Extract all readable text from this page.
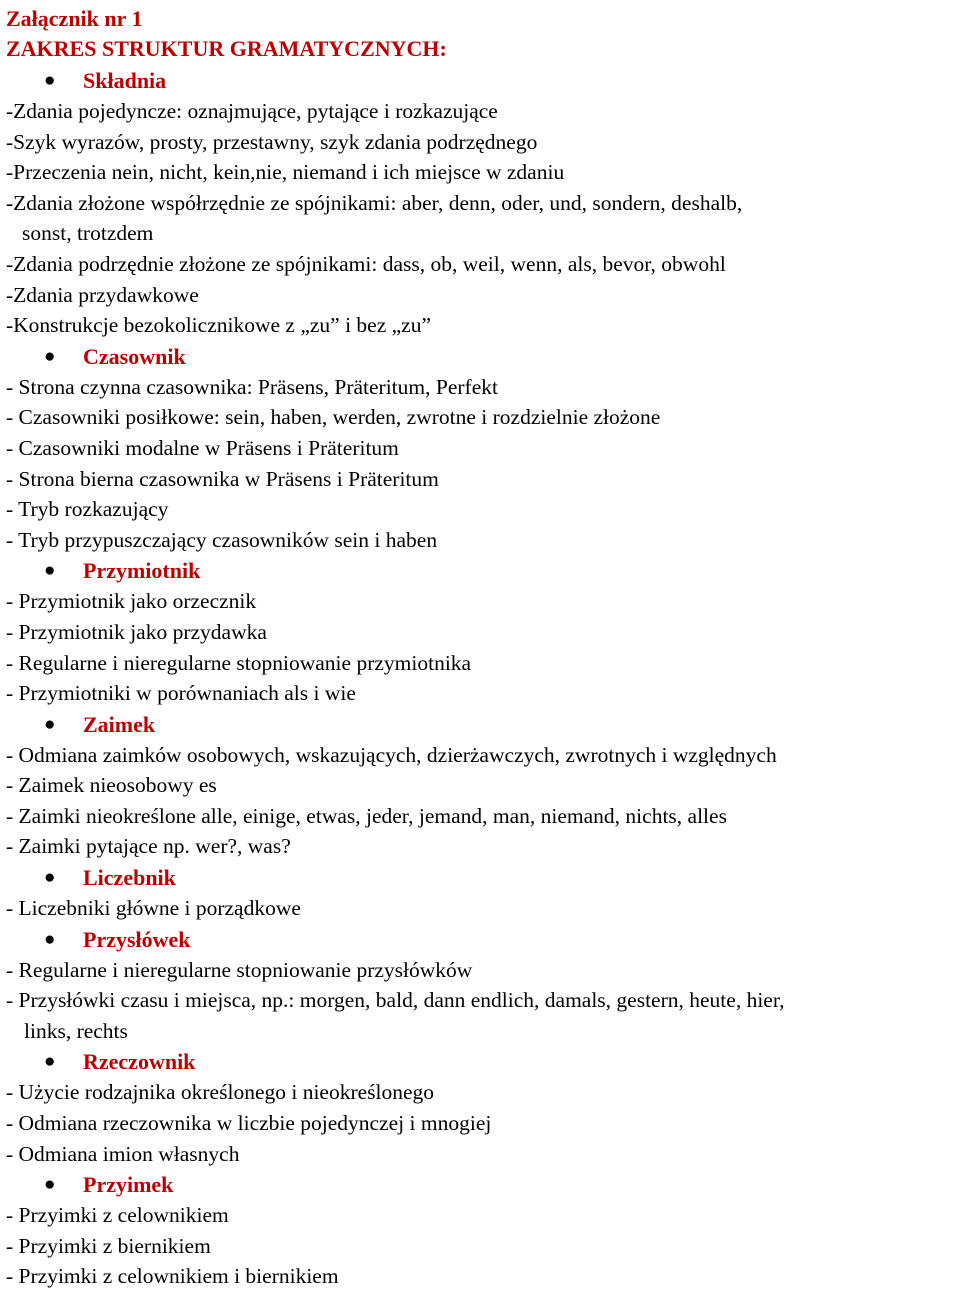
Załącznik nr 1
ZAKRES STRUKTUR GRAMATYCZNYCH:
● Składnia
-Zdania pojedyncze: oznajmujące, pytające i rozkazujące
-Szyk wyrazów, prosty, przestawny, szyk zdania podrzędnego
-Przeczenia nein, nicht, kein,nie, niemand i ich miejsce w zdaniu
-Zdania złożone współrzędnie ze spójnikami: aber, denn, oder, und, sondern, deshalb,
sonst, trotzdem
-Zdania podrzędnie złożone ze spójnikami: dass, ob, weil, wenn, als, bevor, obwohl
-Zdania przydawkowe
-Konstrukcje bezokolicznikowe z „zu” i bez „zu”
● Czasownik
- Strona czynna czasownika: Präsens, Präteritum, Perfekt
- Czasowniki posiłkowe: sein, haben, werden, zwrotne i rozdzielnie złożone
- Czasowniki modalne w Präsens i Präteritum
- Strona bierna czasownika w Präsens i Präteritum
- Tryb rozkazujący
- Tryb przypuszczający czasowników sein i haben
● Przymiotnik
- Przymiotnik jako orzecznik
- Przymiotnik jako przydawka
- Regularne i nieregularne stopniowanie przymiotnika
- Przymiotniki w porównaniach als i wie
● Zaimek
- Odmiana zaimków osobowych, wskazujących, dzierżawczych, zwrotnych i względnych
- Zaimek nieosobowy es
- Zaimki nieokreślone alle, einige, etwas, jeder, jemand, man, niemand, nichts, alles
- Zaimki pytające np. wer?, was?
● Liczebnik
- Liczebniki główne i porządkowe
● Przysłówek
- Regularne i nieregularne stopniowanie przysłówków
- Przysłówki czasu i miejsca, np.: morgen, bald, dann endlich, damals, gestern, heute, hier,
links, rechts
● Rzeczownik
- Użycie rodzajnika określonego i nieokreślonego
- Odmiana rzeczownika w liczbie pojedynczej i mnogiej
- Odmiana imion własnych
● Przyimek
- Przyimki z celownikiem
- Przyimki z biernikiem
- Przyimki z celownikiem i biernikiem
